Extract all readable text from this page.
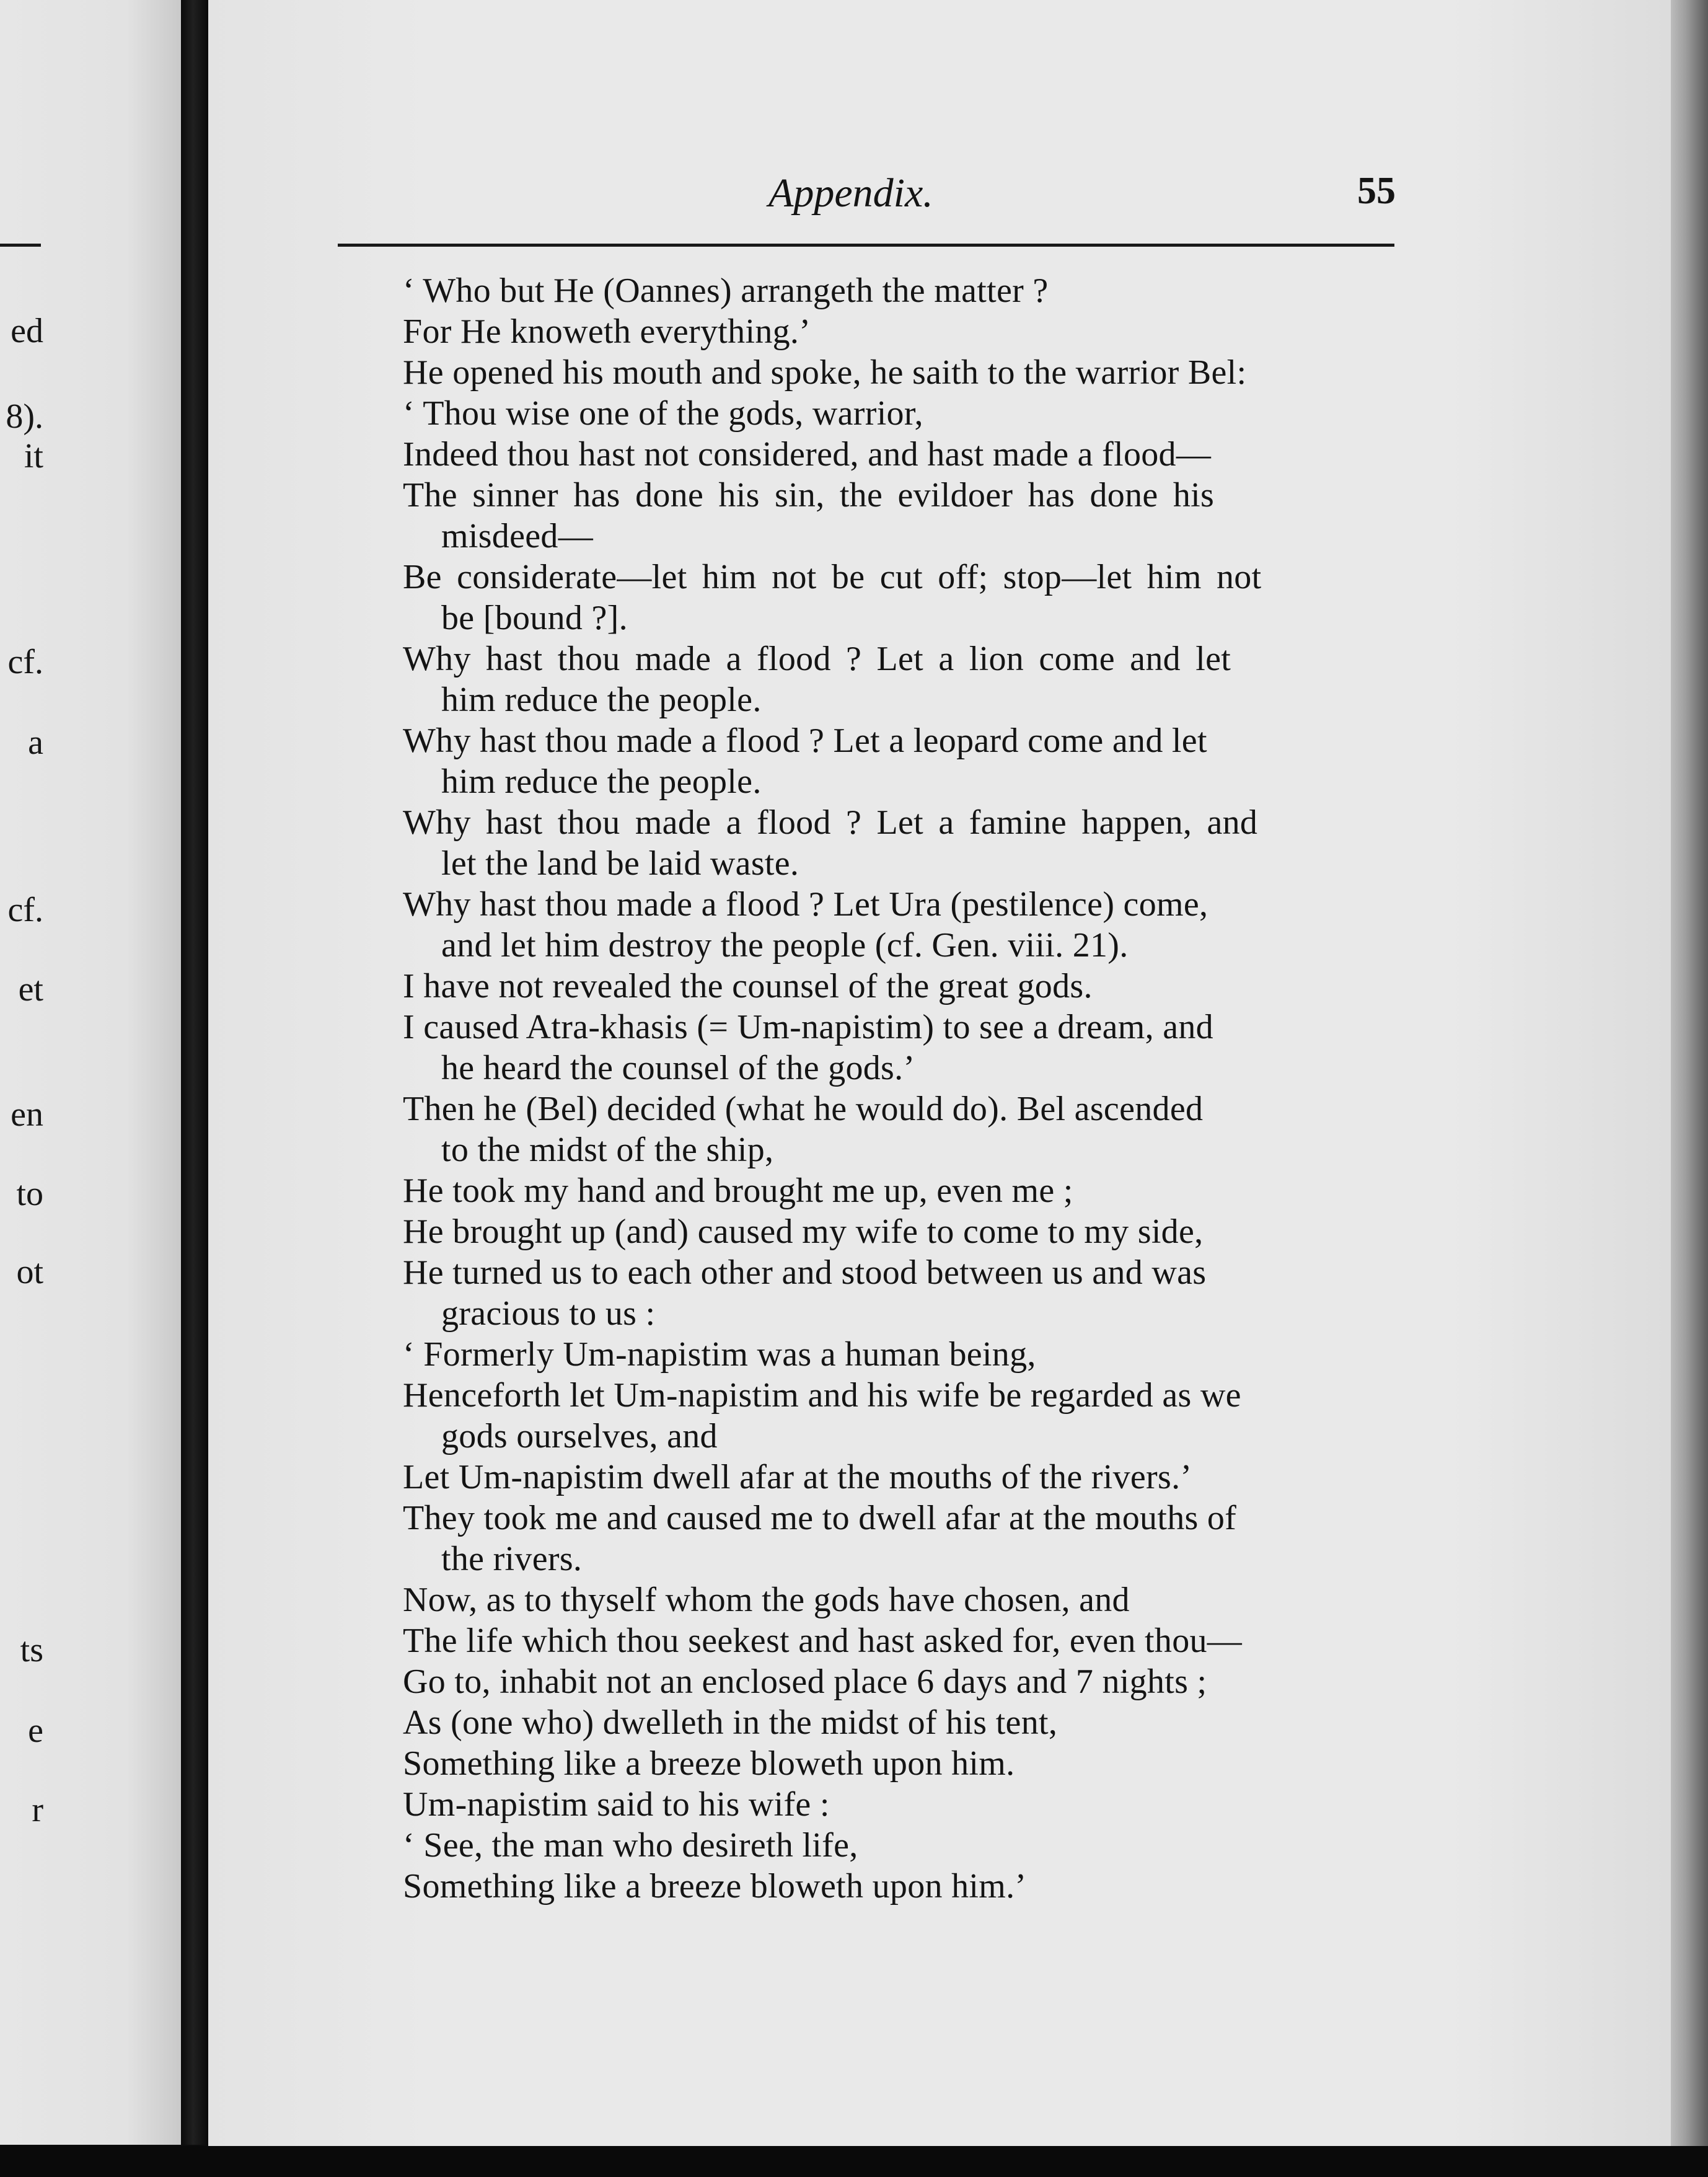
ed
8).
it
cf.
a
cf.
et
en
to
ot
ts
e
r
Appendix.	55
‘ Who but He (Oannes) arrangeth the matter ?
For He knoweth everything.’
He opened his mouth and spoke, he saith to the warrior Bel:
‘ Thou wise one of the gods, warrior,
Indeed thou hast not considered, and hast made a flood—
The sinner has done his sin, the evildoer has done his
misdeed—
Be considerate—let him not be cut off; stop—let him not
be [bound ?].
Why hast thou made a flood ? Let a lion come and let
him reduce the people.
Why hast thou made a flood ? Let a leopard come and let
him reduce the people.
Why hast thou made a flood ? Let a famine happen, and
let the land be laid waste.
Why hast thou made a flood ? Let Ura (pestilence) come,
and let him destroy the people (cf. Gen. viii. 21).
I have not revealed the counsel of the great gods.
I caused Atra-khasis (= Um-napistim) to see a dream, and
he heard the counsel of the gods.’
Then he (Bel) decided (what he would do). Bel ascended
to the midst of the ship,
He took my hand and brought me up, even me ;
He brought up (and) caused my wife to come to my side,
He turned us to each other and stood between us and was
gracious to us :
‘ Formerly Um-napistim was a human being,
Henceforth let Um-napistim and his wife be regarded as we
gods ourselves, and
Let Um-napistim dwell afar at the mouths of the rivers.’
They took me and caused me to dwell afar at the mouths of
the rivers.
Now, as to thyself whom the gods have chosen, and
The life which thou seekest and hast asked for, even thou—
Go to, inhabit not an enclosed place 6 days and 7 nights ;
As (one who) dwelleth in the midst of his tent,
Something like a breeze bloweth upon him.
Um-napistim said to his wife :
‘ See, the man who desireth life,
Something like a breeze bloweth upon him.’
